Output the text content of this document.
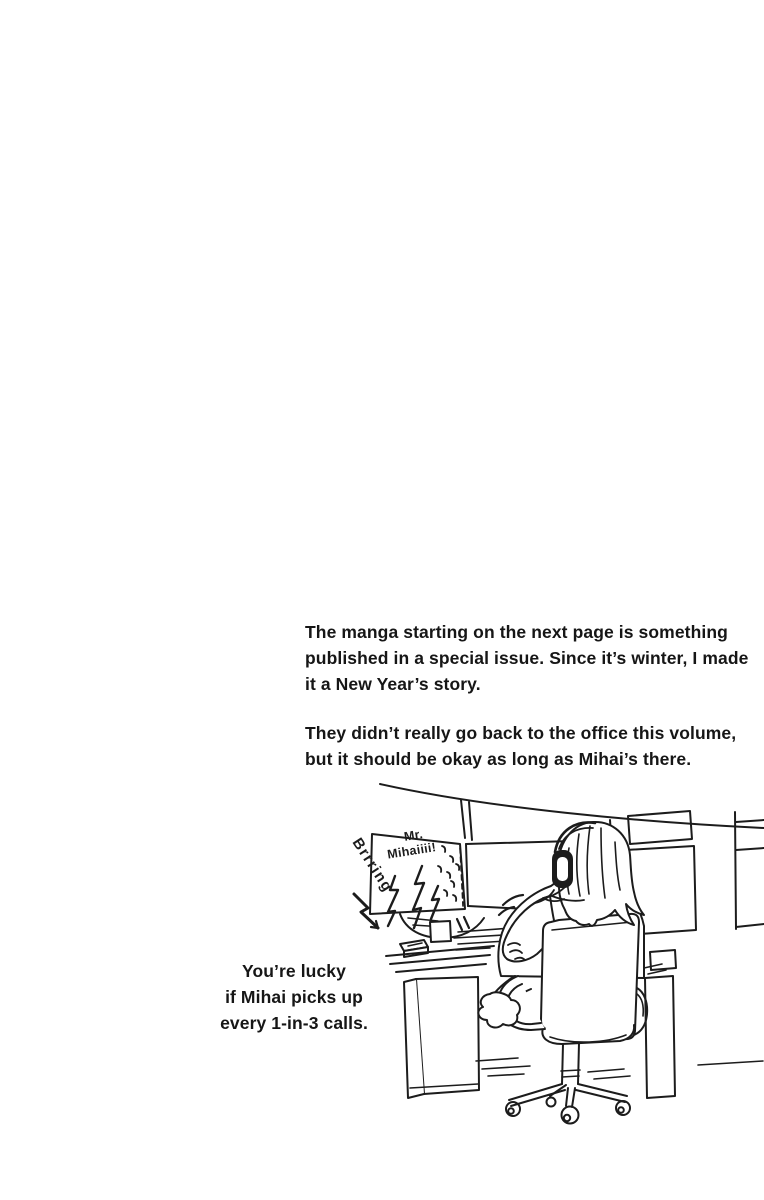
The manga starting on the next page is something
published in a special issue. Since it’s winter, I made
it a New Year’s story.
They didn’t really go back to the office this volume,
but it should be okay as long as Mihai’s there.
You’re lucky
if Mihai picks up
every 1-in-3 calls.
Brrring Mr. Mihaiiii!
